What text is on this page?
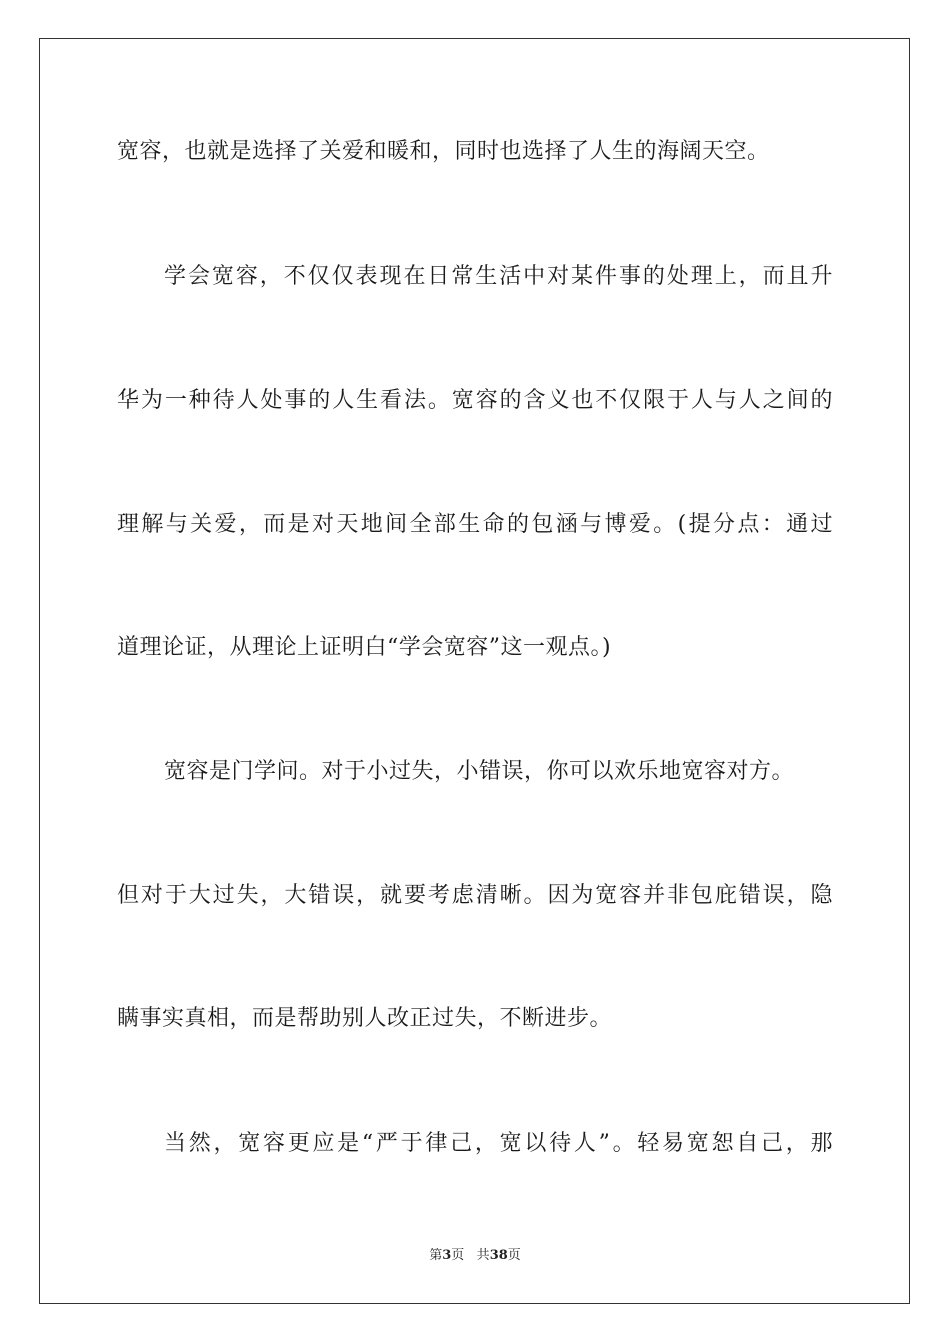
宽容，也就是选择了关爱和暖和，同时也选择了人生的海阔天空。
学会宽容，不仅仅表现在日常生活中对某件事的处理上，而且升
华为一种待人处事的人生看法。宽容的含义也不仅限于人与人之间的
理解与关爱，而是对天地间全部生命的包涵与博爱。(提分点：通过
道理论证，从理论上证明白“学会宽容”这一观点。)
宽容是门学问。对于小过失，小错误，你可以欢乐地宽容对方。
但对于大过失，大错误，就要考虑清晰。因为宽容并非包庇错误，隐
瞒事实真相，而是帮助别人改正过失，不断进步。
当然，宽容更应是“严于律己，宽以待人”。轻易宽恕自己，那
第3页 共38页
